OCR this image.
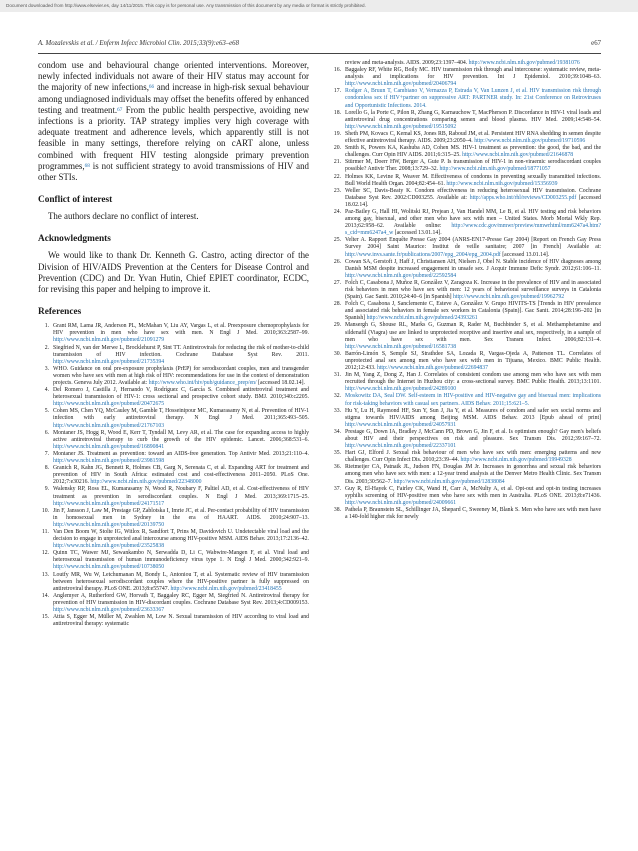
Document downloaded from http://www.elsevier.es, day 14/11/2015. This copy is for personal use. Any transmission of this document by any media or format is strictly prohibited.
A. Mozalevskis et al. / Enferm Infecc Microbiol Clin. 2015;33(9):e63–e68	e67

condom use and behavioural change oriented interventions. Moreover, newly infected individuals not aware of their HIV status may account for the majority of new infections,$^{66}$ and increase in high-risk sexual behaviour among undiagnosed individuals may offset the benefits offered by enhanced testing and treatment.$^{67}$ From the public health perspective, avoiding new infections is a priority. TAP strategy implies very high coverage with adequate treatment and adherence levels, which apparently still is not feasible in many settings, therefore relying on cART alone, unless combined with frequent HIV testing alongside primary prevention programmes,$^{68}$ is not sufficient strategy to avoid transmissions of HIV and other STIs.

Conflict of interest

The authors declare no conflict of interest.

Acknowledgments

We would like to thank Dr. Kenneth G. Castro, acting director of the Division of HIV/AIDS Prevention at the Centers for Disease Control and Prevention (CDC) and Dr. Yvan Hutin, Chief EPIET coordinator, ECDC, for revising this paper and helping to improve it.

References
1. Grant RM, Lama JR, Anderson PL, McMahan V, Liu AY, Vargas L, et al. Preexposure chemoprophylaxis for HIV prevention in men who have sex with men. N Engl J Med. 2010;363:2587–99. http://www.ncbi.nlm.nih.gov/pubmed/21091279
2. Siegfried N, van der Merwe L, Brocklehurst P, Sint TT. Antiretrovirals for reducing the risk of mother-to-child transmission of HIV infection. Cochrane Database Syst Rev. 2011. http://www.ncbi.nlm.nih.gov/pubmed/21735394
3. WHO. Guidance on oral pre-exposure prophylaxis (PrEP) for serodiscordant couples, men and transgender women who have sex with men at high risk of HIV: recommendations for use in the context of demonstration projects. Geneva July 2012. Available at: http://www.who.int/hiv/pub/guidance_prep/en/ [accessed 18.02.14].
4. Del Romero J, Castilla J, Hernando V, Rodríguez C, García S. Combined antiretroviral treatment and heterosexual transmission of HIV-1: cross sectional and prospective cohort study. BMJ. 2010;340:c2205. http://www.ncbi.nlm.nih.gov/pubmed/20472675
5. Cohen MS, Chen YQ, McCauley M, Gamble T, Hosseinipour MC, Kumarasamy N, et al. Prevention of HIV-1 infection with early antiretroviral therapy. N Engl J Med. 2011;365:493–505. http://www.ncbi.nlm.nih.gov/pubmed/21767103
6. Montaner JS, Hogg R, Wood E, Kerr T, Tyndall M, Levy AR, et al. The case for expanding access to highly active antiretroviral therapy to curb the growth of the HIV epidemic. Lancet. 2006;368:531–6. http://www.ncbi.nlm.nih.gov/pubmed/16890841
7. Montaner JS. Treatment as prevention: toward an AIDS-free generation. Top Antivir Med. 2013;21:110–4. http://www.ncbi.nlm.nih.gov/pubmed/23981598
8. Granich R, Kahn JG, Bennett R, Holmes CB, Garg N, Serenata C, et al. Expanding ART for treatment and prevention of HIV in South Africa: estimated cost and cost-effectiveness 2011–2050. PLoS One. 2012;7:e30216. http://www.ncbi.nlm.nih.gov/pubmed/22348000
9. Walensky RP, Ross EL, Kumarasamy N, Wood R, Noubary F, Paltiel AD, et al. Cost-effectiveness of HIV treatment as prevention in serodiscordant couples. N Engl J Med. 2013;369:1715–25. http://www.ncbi.nlm.nih.gov/pubmed/24171517
10. Jin F, Jansson J, Law M, Prestage GP, Zablotska I, Imrie JC, et al. Per-contact probability of HIV transmission in homosexual men in Sydney in the era of HAART. AIDS. 2010;24:907–13. http://www.ncbi.nlm.nih.gov/pubmed/20139750
11. Van Den Boom W, Stolte IG, Witlox R, Sandfort T, Prins M, Davidovich U. Undetectable viral load and the decision to engage in unprotected anal intercourse among HIV-positive MSM. AIDS Behav. 2013;17:2136–42. http://www.ncbi.nlm.nih.gov/pubmed/23525838
12. Quinn TC, Wawer MJ, Sewankambo N, Serwadda D, Li C, Wabwire-Mangen F, et al. Viral load and heterosexual transmission of human immunodeficiency virus type 1. N Engl J Med. 2000;342:921–9. http://www.ncbi.nlm.nih.gov/pubmed/10738050
13. Loutfy MR, Wu W, Letchumanan M, Bondy L, Antoniou T, et al. Systematic review of HIV transmission between heterosexual serodiscordant couples where the HIV-positive partner is fully suppressed on antiretroviral therapy. PLoS ONE. 2013;8:e55747. http://www.ncbi.nlm.nih.gov/pubmed/23418455
14. Anglemyer A, Rutherford GW, Horvath T, Baggaley RC, Egger M, Siegfried N. Antiretroviral therapy for prevention of HIV transmission in HIV-discordant couples. Cochrane Database Syst Rev. 2013;4:CD009153. http://www.ncbi.nlm.nih.gov/pubmed/23633367
15. Attia S, Egger M, Müller M, Zwahlen M, Low N. Sexual transmission of HIV according to viral load and antiretroviral therapy: systematic
review and meta-analysis. AIDS. 2009;23:1397–404. http://www.ncbi.nlm.nih.gov/pubmed/19381076
16. Baggaley RF, White RG, Boily MC. HIV transmission risk through anal intercourse: systematic review, meta-analysis and implications for HIV prevention. Int J Epidemiol. 2010;39:1048–63. http://www.ncbi.nlm.nih.gov/pubmed/20406794
17. Rodger A, Bruun T, Cambiano V, Vernazza P, Estrada V, Van Lunzen J, et al. HIV transmission risk through condomless sex if HIV+partner on suppressive ART: PARTNER study. In: 21st Conference on Retroviruses and Opportunistic Infections. 2014.
18. Lorello G, la Porte C, Pilon R, Zhang G, Karnauchow T, MacPherson P. Discordance in HIV-1 viral loads and antiretroviral drug concentrations comparing semen and blood plasma. HIV Med. 2009;14:548–54. http://www.ncbi.nlm.nih.gov/pubmed/19515092
19. Sheth PM, Kovacs C, Kemal KS, Jones RB, Raboud JM, et al. Persistent HIV RNA shedding in semen despite effective antiretroviral therapy. AIDS. 2009;23:2050–4. http://www.ncbi.nlm.nih.gov/pubmed/19710596
20. Smith K, Powers KA, Kashuba AD, Cohen MS. HIV-1 treatment as prevention: the good, the bad, and the challenges. Curr Opin HIV AIDS. 2011;6:315–25. http://www.ncbi.nlm.nih.gov/pubmed/21646878
21. Stürmer M, Doerr HW, Berger A, Gute P. Is transmission of HIV-1 in non-viraemic serodiscordant couples possible? Antivir Ther. 2008;13:729–32. http://www.ncbi.nlm.nih.gov/pubmed/18771057
22. Holmes KK, Levine R, Weaver M. Effectiveness of condoms in preventing sexually transmitted infections. Bull World Health Organ. 2004;82:454–61. http://www.ncbi.nlm.nih.gov/pubmed/15356939
23. Weller SC, Davis-Beaty K. Condom effectiveness in reducing heterosexual HIV transmission. Cochrane Database Syst Rev. 2002:CD003255. Available at: http://apps.who.int/rhl/reviews/CD003255.pdf [accessed 18.02.14].
24. Paz-Bailey G, Hall HI, Wolitski RJ, Prejean J, Van Handel MM, Le B, et al. HIV testing and risk behaviors among gay, bisexual, and other men who have sex with men – United States. Morb Mortal Wkly Rep. 2013;62:958–62. Available online: http://www.cdc.gov/mmwr/preview/mmwrhtml/mm6247a4.htm?s_cid=mm6247a4_w [accessed 13.01.14].
25. Velter A. Rapport Enquête Presse Gay 2004 (ANRS-EN17-Presse Gay 2004) [Report on French Gay Press Survey 2004] Saint Maurice: Institut de veille sanitaire; 2007 [in French] Available at: http://www.invs.sante.fr/publications/2007/epg_2004/epg_2004.pdf [accessed 13.01.14].
26. Cowan SA, Gerstoft J, Haff J, Christiansen AH, Nielsen J, Obel N. Stable incidence of HIV diagnoses among Danish MSM despite increased engagement in unsafe sex. J Acquir Immune Defic Syndr. 2012;61:106–11. http://www.ncbi.nlm.nih.gov/pubmed/22592584
27. Folch C, Casabona J, Muñoz R, González V, Zaragoza K. Increase in the prevalence of HIV and in associated risk behaviors in men who have sex with men: 12 years of behavioral surveillance surveys in Catalonia (Spain). Gac Sanit. 2010;24:40–6 [in Spanish] http://www.ncbi.nlm.nih.gov/pubmed/19962792
28. Folch C, Casabona J, Sanclemente C, Esteve A, González V. Grupo HIVITS-TS [Trends in HIV prevalence and associated risk behaviors in female sex workers in Catalonia (Spain)]. Gac Sanit. 2014;28:196–202 [in Spanish] http://www.ncbi.nlm.nih.gov/pubmed/24393261
29. Mansergh G, Shouse RL, Marks G, Guzman R, Rader M, Buchbinder S, et al. Methamphetamine and sildenafil (Viagra) use are linked to unprotected receptive and insertive anal sex, respectively, in a sample of men who have sex with men. Sex Transm Infect. 2006;82:131–4. http://www.ncbi.nlm.nih.gov/pubmed/16581738
30. Barrón-Limón S, Semple SJ, Strathdee SA, Lozada R, Vargas-Ojeda A, Patterson TL. Correlates of unprotected anal sex among men who have sex with men in Tijuana, Mexico. BMC Public Health. 2012;12:433. http://www.ncbi.nlm.nih.gov/pubmed/22694837
31. Jin M, Yang Z, Dong Z, Han J. Correlates of consistent condom use among men who have sex with men recruited through the Internet in Huzhou city: a cross-sectional survey. BMC Public Health. 2013;13:1101. http://www.ncbi.nlm.nih.gov/pubmed/24289100
32. Moskowitz DA, Seal DW. Self-esteem in HIV-positive and HIV-negative gay and bisexual men: implications for risk-taking behaviors with casual sex partners. AIDS Behav. 2011;15:621–5.
33. Hu Y, Lu H, Raymond HF, Sun Y, Sun J, Jia Y, et al. Measures of condom and safer sex social norms and stigma towards HIV/AIDS among Beijing MSM. AIDS Behav. 2013 [Epub ahead of print] http://www.ncbi.nlm.nih.gov/pubmed/24057931
34. Prestage G, Down IA, Bradley J, McCann PD, Brown G, Jin F, et al. Is optimism enough? Gay men's beliefs about HIV and their perspectives on risk and pleasure. Sex Transm Dis. 2012;39:167–72. http://www.ncbi.nlm.nih.gov/pubmed/22337101
35. Hart GJ, Elford J. Sexual risk behaviour of men who have sex with men: emerging patterns and new challenges. Curr Opin Infect Dis. 2010;23:39–44. http://www.ncbi.nlm.nih.gov/pubmed/19949328
36. Rietmeijer CA, Patnaik JL, Judson FN, Douglas JM Jr. Increases in gonorrhea and sexual risk behaviors among men who have sex with men: a 12-year trend analysis at the Denver Metro Health Clinic. Sex Transm Dis. 2003;30:562–7. http://www.ncbi.nlm.nih.gov/pubmed/12838084
37. Guy R, El-Hayek C, Fairley CK, Wand H, Carr A, McNulty A, et al. Opt-out and opt-in testing increases syphilis screening of HIV-positive men who have sex with men in Australia. PLoS ONE. 2013;8:e71436. http://www.ncbi.nlm.nih.gov/pubmed/24009661
38. Pathela P, Braunstein SL, Schillinger JA, Shepard C, Sweeney M, Blank S. Men who have sex with men have a 140-fold higher risk for newly
